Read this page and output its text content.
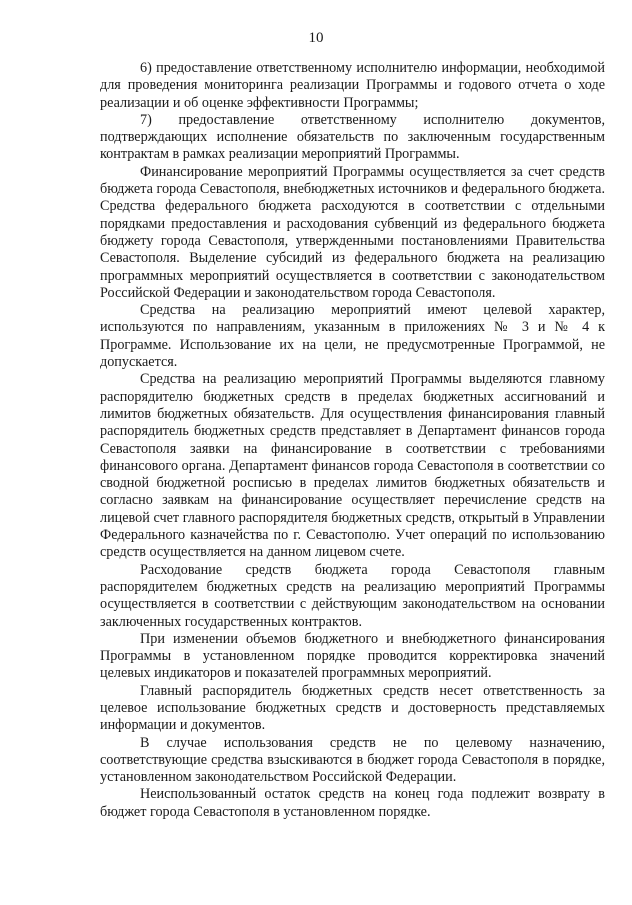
10

6) предоставление ответственному исполнителю информации, необходимой для проведения мониторинга реализации Программы и годового отчета о ходе реализации и об оценке эффективности Программы;

7) предоставление ответственному исполнителю документов, подтверждающих исполнение обязательств по заключенным государственным контрактам в рамках реализации мероприятий Программы.

Финансирование мероприятий Программы осуществляется за счет средств бюджета города Севастополя, внебюджетных источников и федерального бюджета. Средства федерального бюджета расходуются в соответствии с отдельными порядками предоставления и расходования субвенций из федерального бюджета бюджету города Севастополя, утвержденными постановлениями Правительства Севастополя. Выделение субсидий из федерального бюджета на реализацию программных мероприятий осуществляется в соответствии с законодательством Российской Федерации и законодательством города Севастополя.

Средства на реализацию мероприятий имеют целевой характер, используются по направлениям, указанным в приложениях № 3 и № 4 к Программе. Использование их на цели, не предусмотренные Программой, не допускается.

Средства на реализацию мероприятий Программы выделяются главному распорядителю бюджетных средств в пределах бюджетных ассигнований и лимитов бюджетных обязательств. Для осуществления финансирования главный распорядитель бюджетных средств представляет в Департамент финансов города Севастополя заявки на финансирование в соответствии с требованиями финансового органа. Департамент финансов города Севастополя в соответствии со сводной бюджетной росписью в пределах лимитов бюджетных обязательств и согласно заявкам на финансирование осуществляет перечисление средств на лицевой счет главного распорядителя бюджетных средств, открытый в Управлении Федерального казначейства по г. Севастополю. Учет операций по использованию средств осуществляется на данном лицевом счете.

Расходование средств бюджета города Севастополя главным распорядителем бюджетных средств на реализацию мероприятий Программы осуществляется в соответствии с действующим законодательством на основании заключенных государственных контрактов.

При изменении объемов бюджетного и внебюджетного финансирования Программы в установленном порядке проводится корректировка значений целевых индикаторов и показателей программных мероприятий.

Главный распорядитель бюджетных средств несет ответственность за целевое использование бюджетных средств и достоверность представляемых информации и документов.

В случае использования средств не по целевому назначению, соответствующие средства взыскиваются в бюджет города Севастополя в порядке, установленном законодательством Российской Федерации.

Неиспользованный остаток средств на конец года подлежит возврату в бюджет города Севастополя в установленном порядке.
